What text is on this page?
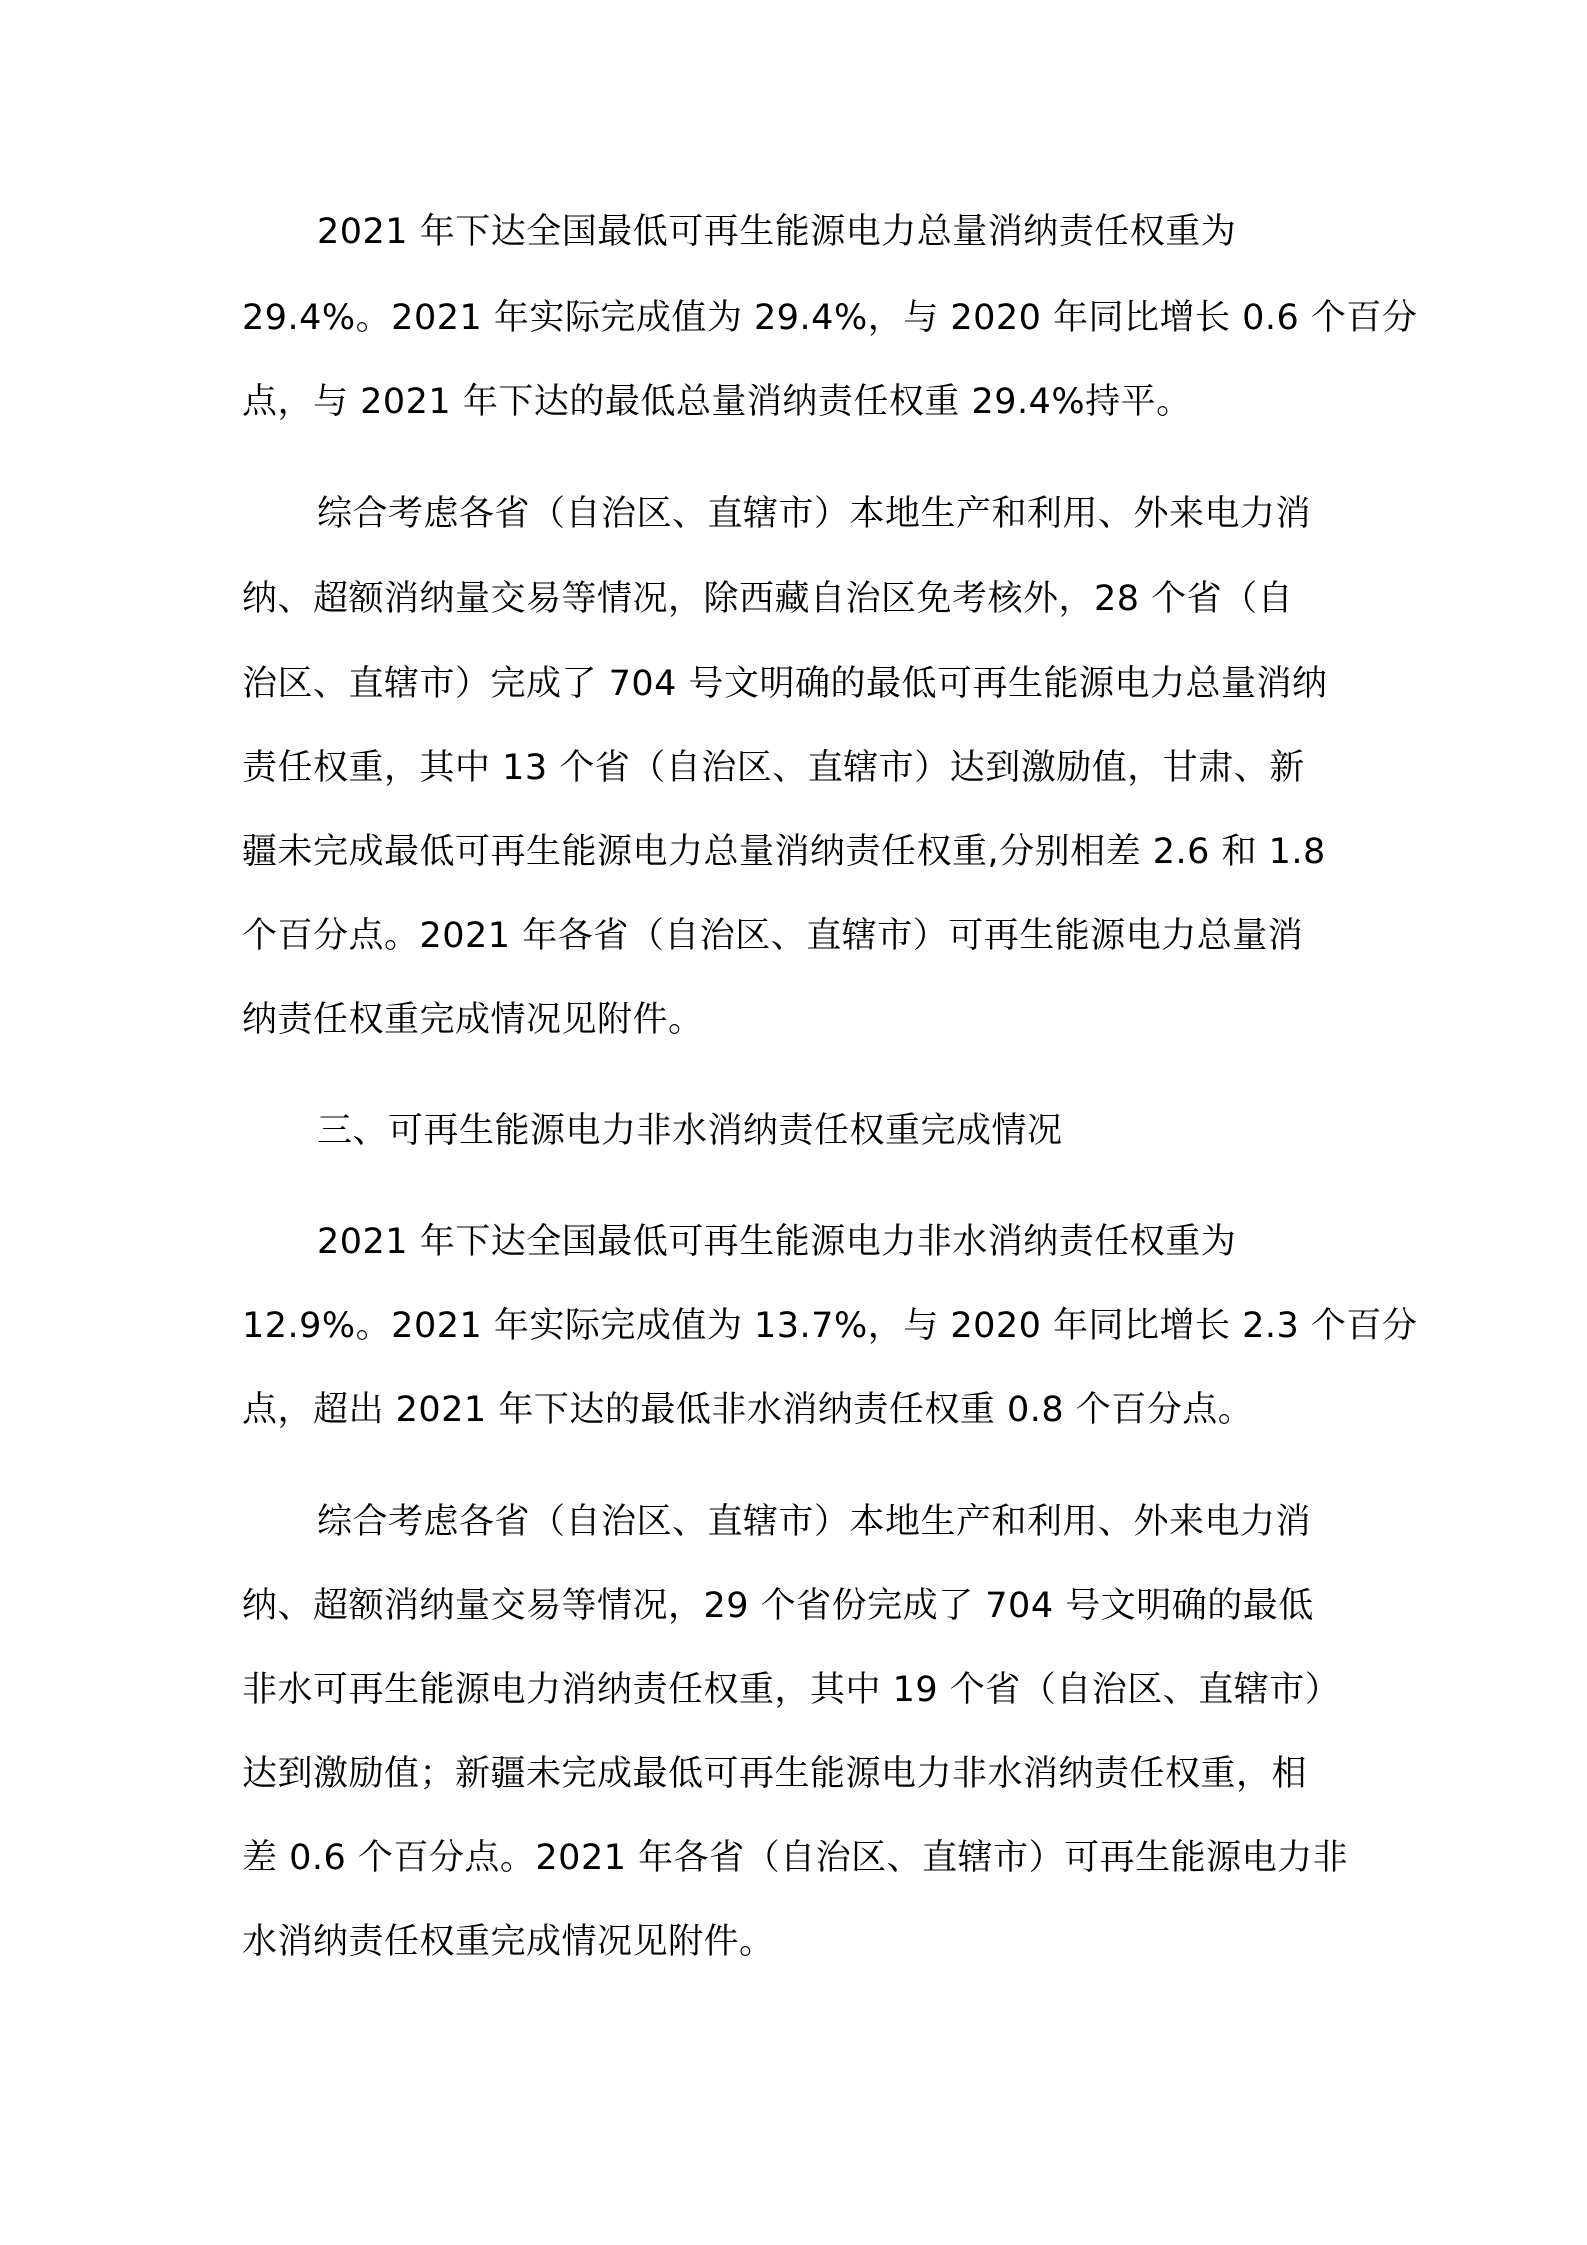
2021 年下达全国最低可再生能源电力总量消纳责任权重为
29.4%。2021 年实际完成值为 29.4%，与 2020 年同比增长 0.6 个百分
点，与 2021 年下达的最低总量消纳责任权重 29.4%持平。
综合考虑各省（自治区、直辖市）本地生产和利用、外来电力消
纳、超额消纳量交易等情况，除西藏自治区免考核外，28 个省（自
治区、直辖市）完成了 704 号文明确的最低可再生能源电力总量消纳
责任权重，其中 13 个省（自治区、直辖市）达到激励值，甘肃、新
疆未完成最低可再生能源电力总量消纳责任权重,分别相差 2.6 和 1.8
个百分点。2021 年各省（自治区、直辖市）可再生能源电力总量消
纳责任权重完成情况见附件。
三、可再生能源电力非水消纳责任权重完成情况
2021 年下达全国最低可再生能源电力非水消纳责任权重为
12.9%。2021 年实际完成值为 13.7%，与 2020 年同比增长 2.3 个百分
点，超出 2021 年下达的最低非水消纳责任权重 0.8 个百分点。
综合考虑各省（自治区、直辖市）本地生产和利用、外来电力消
纳、超额消纳量交易等情况，29 个省份完成了 704 号文明确的最低
非水可再生能源电力消纳责任权重，其中 19 个省（自治区、直辖市）
达到激励值；新疆未完成最低可再生能源电力非水消纳责任权重，相
差 0.6 个百分点。2021 年各省（自治区、直辖市）可再生能源电力非
水消纳责任权重完成情况见附件。
